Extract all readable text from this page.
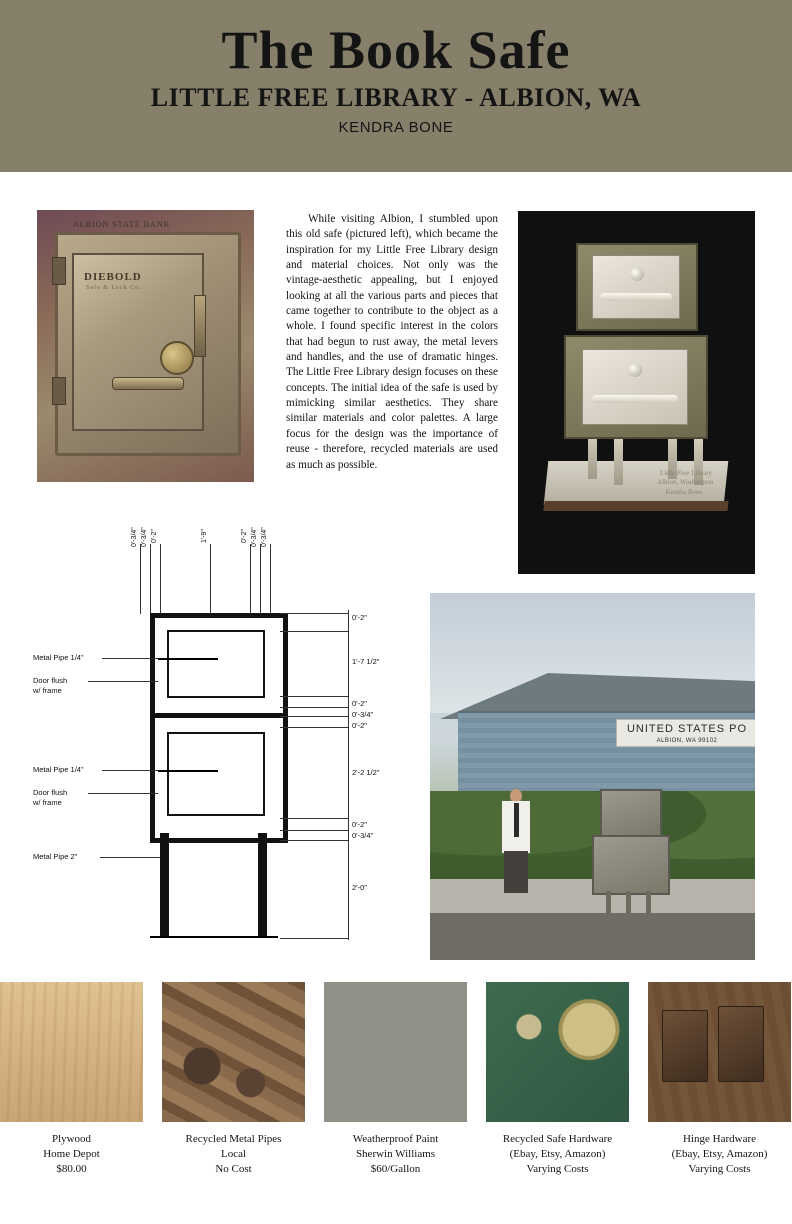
The Book Safe
LITTLE FREE LIBRARY - ALBION, WA
KENDRA BONE
ALBION STATE BANK
DIEBOLD
Safe & Lock Co.
While visiting Albion, I stumbled upon this old safe (pictured left), which became the inspiration for my Little Free Library design and material choices. Not only was the vintage-aesthetic appealing, but I enjoyed looking at all the various parts and pieces that came together to contribute to the object as a whole. I found specific interest in the colors that had begun to rust away, the metal levers and handles, and the use of dramatic hinges. The Little Free Library design focuses on these concepts. The initial idea of the safe is used by mimicking similar aesthetics. They share similar materials and color palettes. A large focus for the design was the importance of reuse - therefore, recycled materials are used as much as possible.
Little Free Library
Albion, Washington
Kendra Bone
0'-3/4" 0'-3/4" 0'-2"	1'-9"	0'-2" 0'-3/4" 0'-3/4"
0'-2"
1'-7 1/2"
0'-2"
0'-3/4"
0'-2"
2'-2 1/2"
0'-2"
0'-3/4"
2'-0"
Metal Pipe 1/4"
Door flush
w/ frame
Metal Pipe 1/4"
Door flush
w/ frame
Metal Pipe 2"
UNITED STATES PO
ALBION, WA 99102
Plywood
Home Depot
$80.00
Recycled Metal Pipes
Local
No Cost
Weatherproof Paint
Sherwin Williams
$60/Gallon
Recycled Safe Hardware
(Ebay, Etsy, Amazon)
Varying Costs
Hinge Hardware
(Ebay, Etsy, Amazon)
Varying Costs
